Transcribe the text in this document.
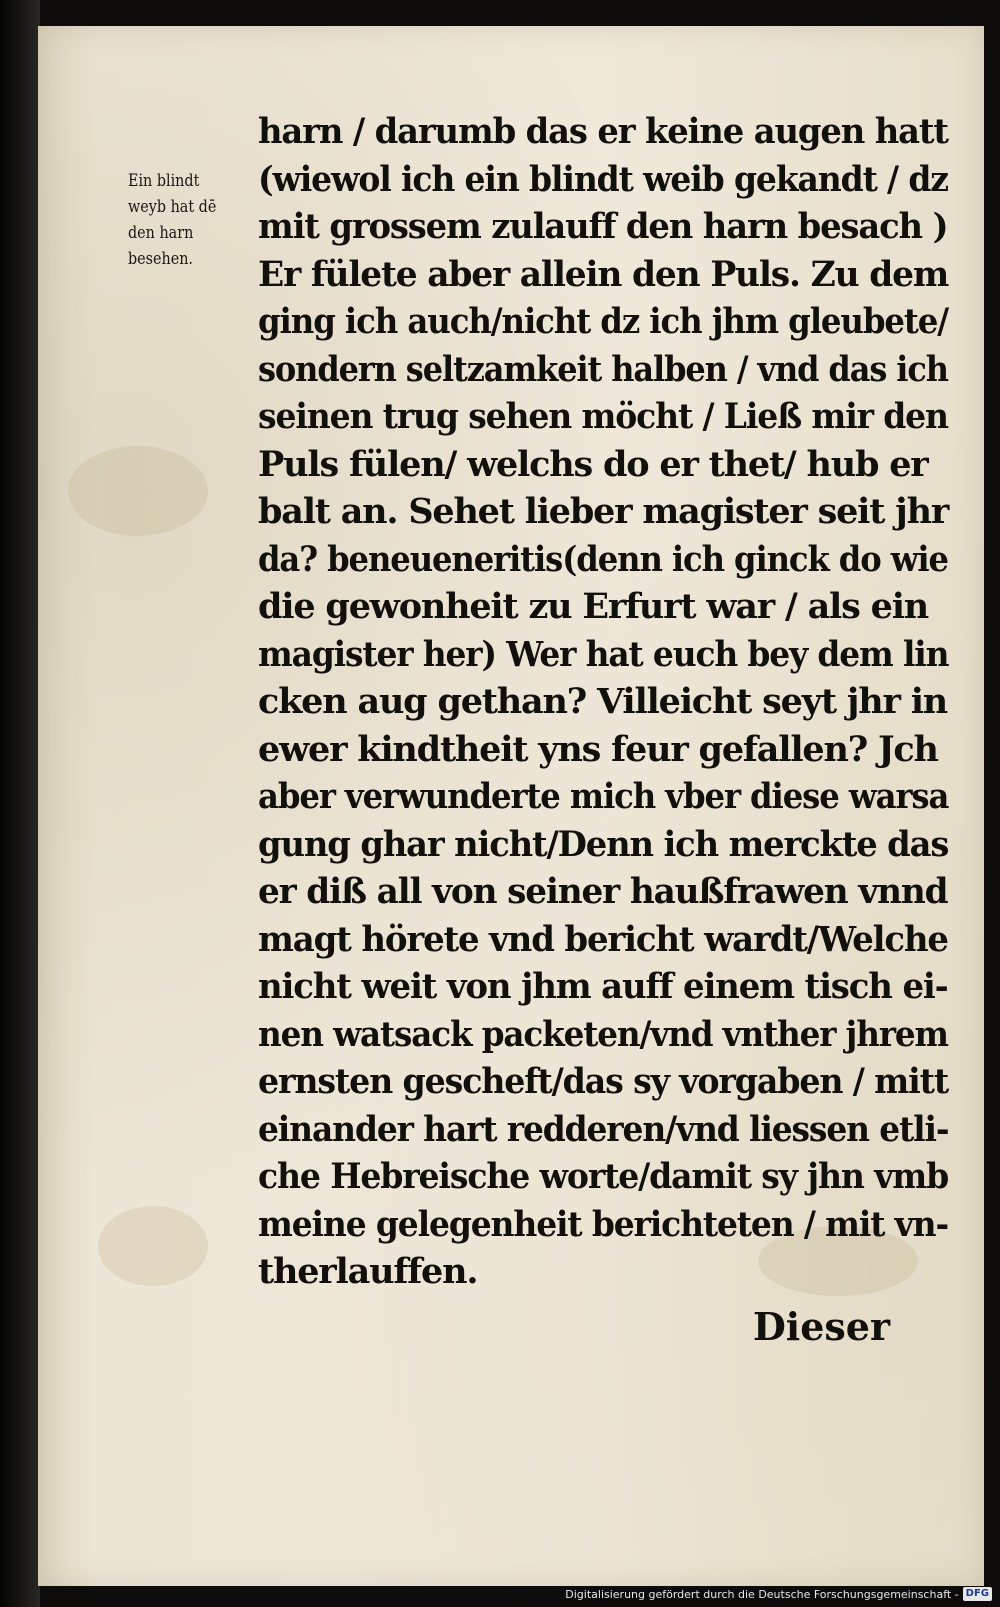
Ein blindt
weyb hat dē
den harn
besehen.
harn / darumb das er keine augen hatt
(wiewol ich ein blindt weib gekandt / dz
mit grossem zulauff den harn besach )
Er fülete aber allein den Puls. Zu dem
ging ich auch/nicht dz ich jhm gleubete/
sondern seltzamkeit halben / vnd das ich
seinen trug sehen möcht / Ließ mir den
Puls fülen/ welchs do er thet/ hub er
balt an. Sehet lieber magister seit jhr
da? beneueneritis(denn ich ginck do wie
die gewonheit zu Erfurt war / als ein
magister her) Wer hat euch bey dem lin
cken aug gethan? Villeicht seyt jhr in
ewer kindtheit yns feur gefallen? Jch
aber verwunderte mich vber diese warsa
gung ghar nicht/Denn ich merckte das
er diß all von seiner haußfrawen vnnd
magt hörete vnd bericht wardt/Welche
nicht weit von jhm auff einem tisch ei-
nen watsack packeten/vnd vnther jhrem
ernsten gescheft/das sy vorgaben / mitt
einander hart redderen/vnd liessen etli-
che Hebreische worte/damit sy jhn vmb
meine gelegenheit berichteten / mit vn-
therlauffen.
Dieser
Digitalisierung gefördert durch die Deutsche Forschungsgemeinschaft - DFG
